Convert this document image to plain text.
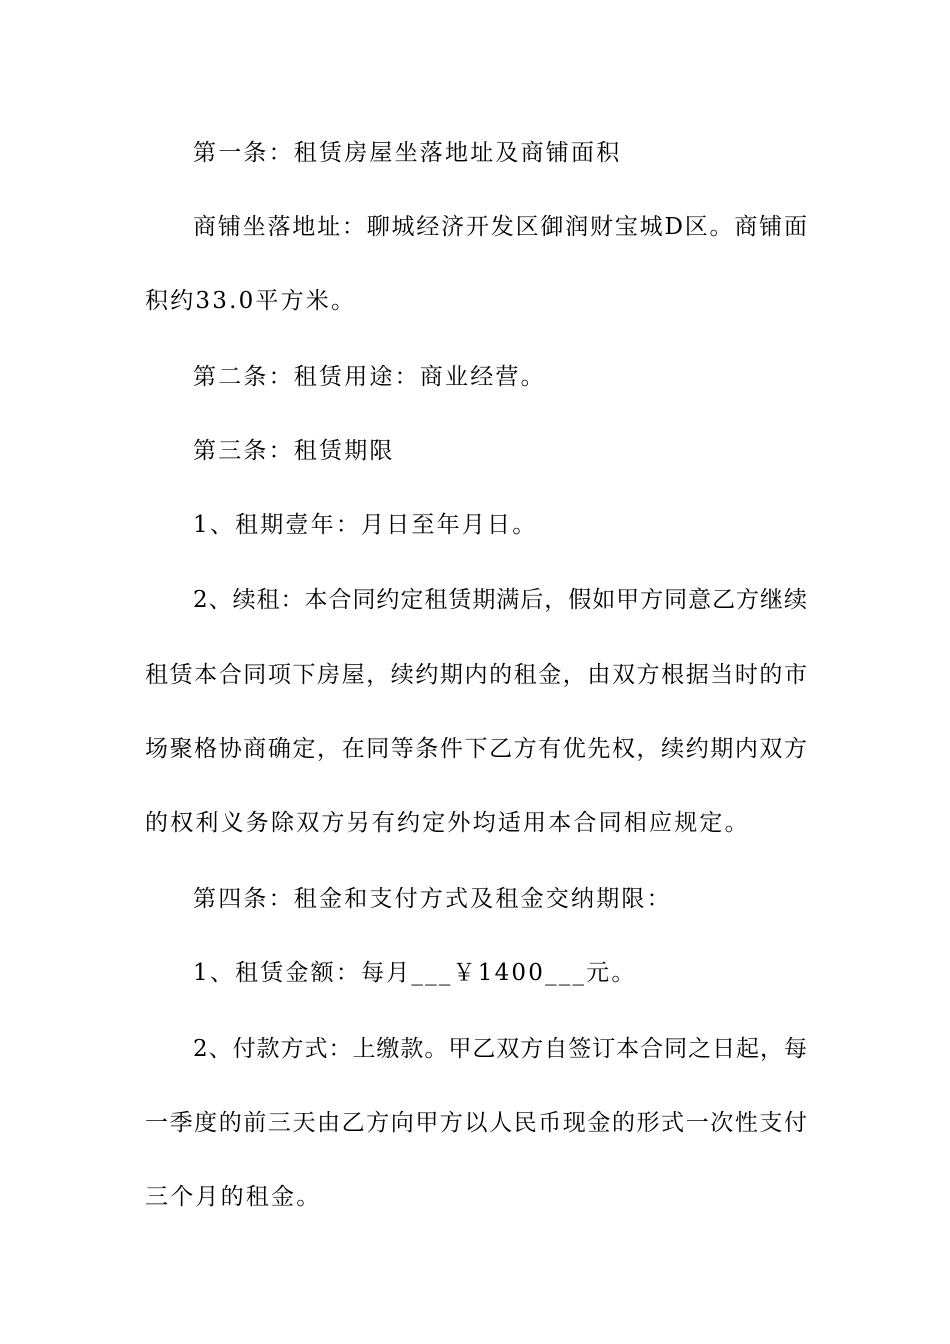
第一条：租赁房屋坐落地址及商铺面积
商铺坐落地址：聊城经济开发区御润财宝城D区。商铺面
积约33.0平方米。
第二条：租赁用途：商业经营。
第三条：租赁期限
1、租期壹年：月日至年月日。
2、续租：本合同约定租赁期满后，假如甲方同意乙方继续
租赁本合同项下房屋，续约期内的租金，由双方根据当时的市
场聚格协商确定，在同等条件下乙方有优先权，续约期内双方
的权利义务除双方另有约定外均适用本合同相应规定。
第四条：租金和支付方式及租金交纳期限：
1、租赁金额：每月___￥1400___元。
2、付款方式：上缴款。甲乙双方自签订本合同之日起，每
一季度的前三天由乙方向甲方以人民币现金的形式一次性支付
三个月的租金。
